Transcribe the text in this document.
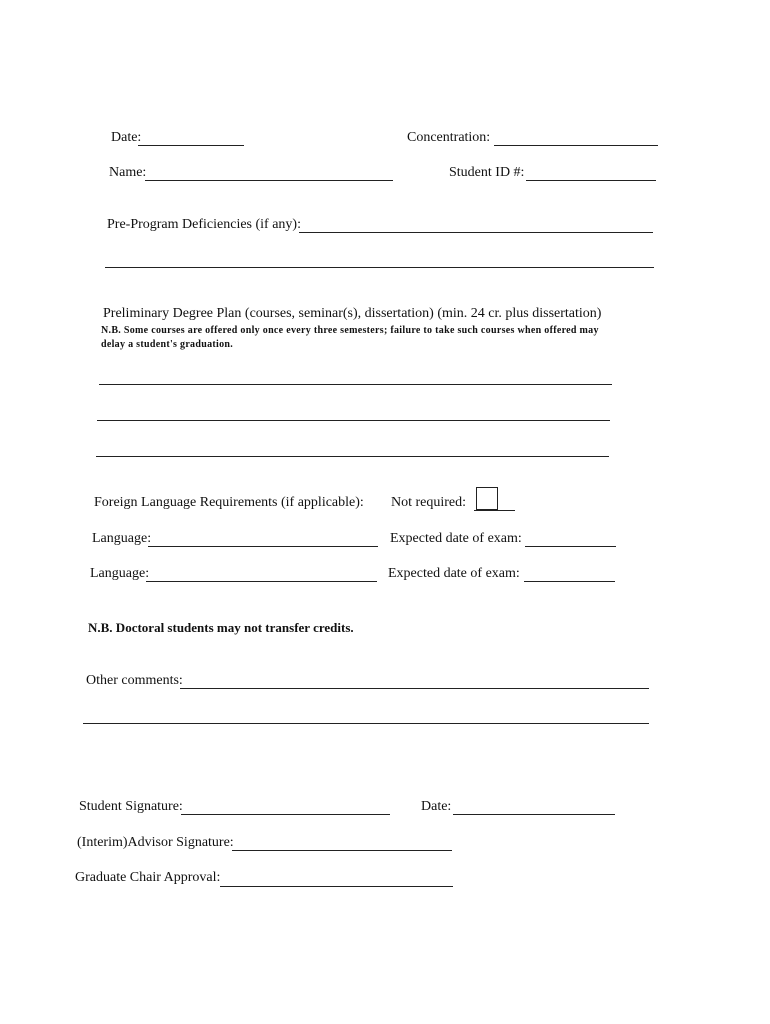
Date:	Concentration:
Name:	Student ID #:
Pre-Program Deficiencies (if any):
Preliminary Degree Plan (courses, seminar(s), dissertation) (min. 24 cr. plus dissertation)
N.B. Some courses are offered only once every three semesters; failure to take such courses when offered may
delay a student's graduation.
Foreign Language Requirements (if applicable): Not required:
Language:	Expected date of exam:
Language:	Expected date of exam:
N.B. Doctoral students may not transfer credits.
Other comments:
Student Signature:	Date:
(Interim)Advisor Signature:
Graduate Chair Approval:
